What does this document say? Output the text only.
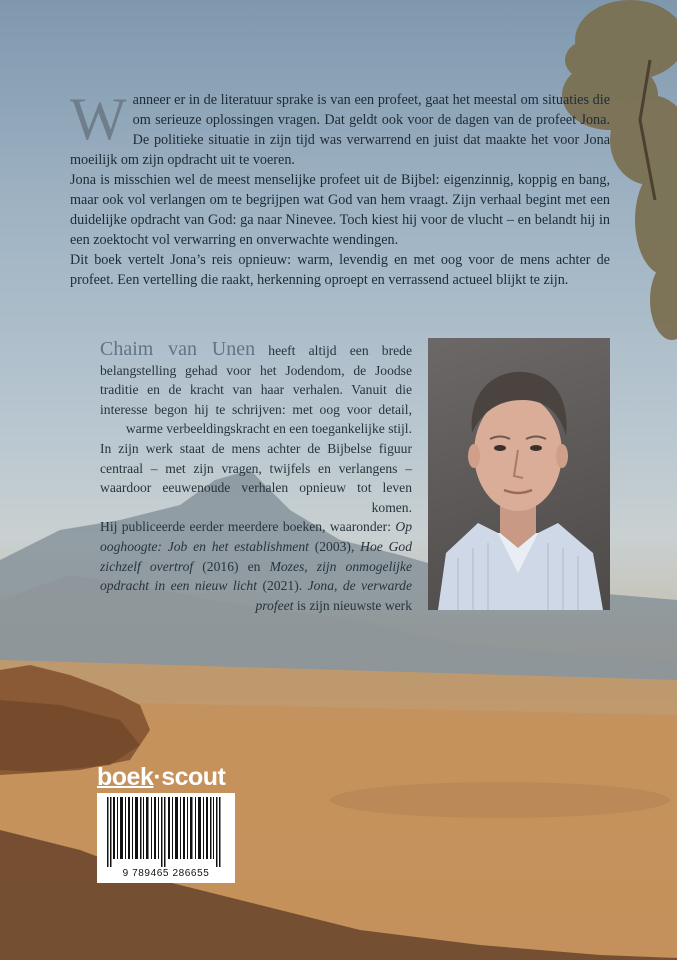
Wanneer er in de literatuur sprake is van een profeet, gaat het meestal om situaties die om serieuze oplossingen vragen. Dat geldt ook voor de dagen van de profeet Jona. De politieke situatie in zijn tijd was verwarrend en juist dat maakte het voor Jona moeilijk om zijn opdracht uit te voeren.

Jona is misschien wel de meest menselijke profeet uit de Bijbel: eigenzinnig, koppig en bang, maar ook vol verlangen om te begrijpen wat God van hem vraagt. Zijn verhaal begint met een duidelijke opdracht van God: ga naar Ninevee. Toch kiest hij voor de vlucht – en belandt hij in een zoektocht vol verwarring en onverwachte wendingen.

Dit boek vertelt Jona’s reis opnieuw: warm, levendig en met oog voor de mens achter de profeet. Een vertelling die raakt, herkenning oproept en verrassend actueel blijkt te zijn.

Chaim van Unen heeft altijd een brede belangstelling gehad voor het Jodendom, de Joodse traditie en de kracht van haar verhalen. Vanuit die interesse begon hij te schrijven: met oog voor detail, warme verbeeldingskracht en een toegankelijke stijl.

In zijn werk staat de mens achter de Bijbelse figuur centraal – met zijn vragen, twijfels en verlangens – waardoor eeuwenoude verhalen opnieuw tot leven komen.

Hij publiceerde eerder meerdere boeken, waaronder: Op ooghoogte: Job en het establishment (2003), Hoe God zichzelf overtrof (2016) en Mozes, zijn onmogelijke opdracht in een nieuw licht (2021). Jona, de verwarde profeet is zijn nieuwste werk

boek·scout
9 789465 286655
